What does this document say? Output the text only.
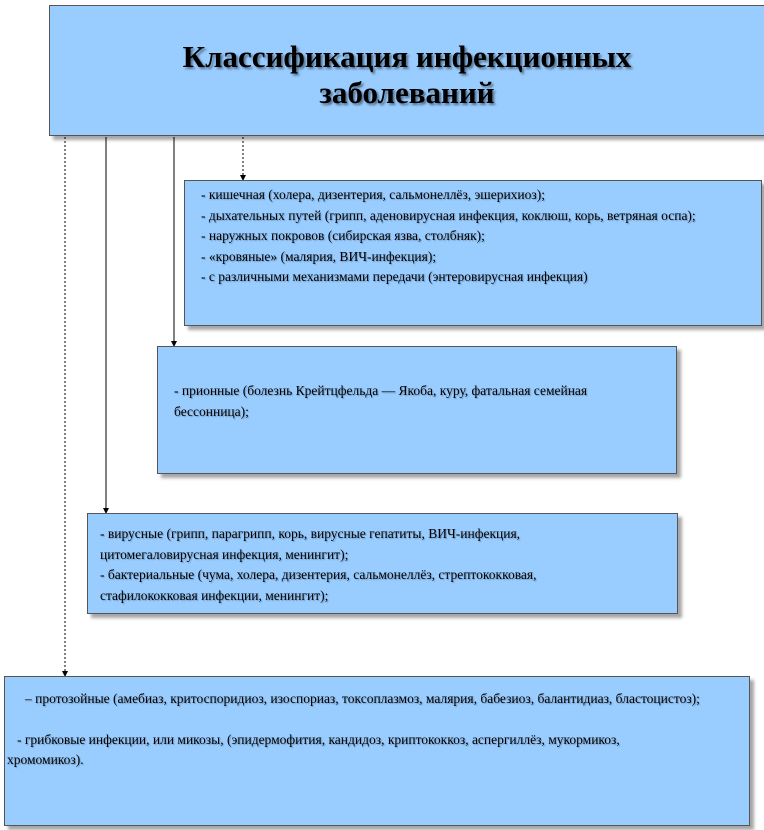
Классификация инфекционных
заболеваний

- кишечная (холера, дизентерия, сальмонеллёз, эшерихиоз);

- дыхательных путей (грипп, аденовирусная инфекция, коклюш, корь, ветряная оспа);

- наружных покровов (сибирская язва, столбняк);

- «кровяные» (малярия, ВИЧ-инфекция);

- с различными механизмами передачи (энтеровирусная инфекция)

- прионные (болезнь Крейтцфельда — Якоба, куру, фатальная семейная бессонница);

- вирусные (грипп, парагрипп, корь, вирусные гепатиты, ВИЧ-инфекция, цитомегаловирусная инфекция, менингит);

- бактериальные (чума, холера, дизентерия, сальмонеллёз, стрептококковая, стафилококковая инфекции, менингит);

– протозойные (амебиаз, критоспоридиоз, изоспориаз, токсоплазмоз, малярия, бабезиоз, балантидиаз, бластоцистоз);

- грибковые инфекции, или микозы, (эпидермофития, кандидоз, криптококкоз, аспергиллёз, мукормикоз, хромомикоз).
